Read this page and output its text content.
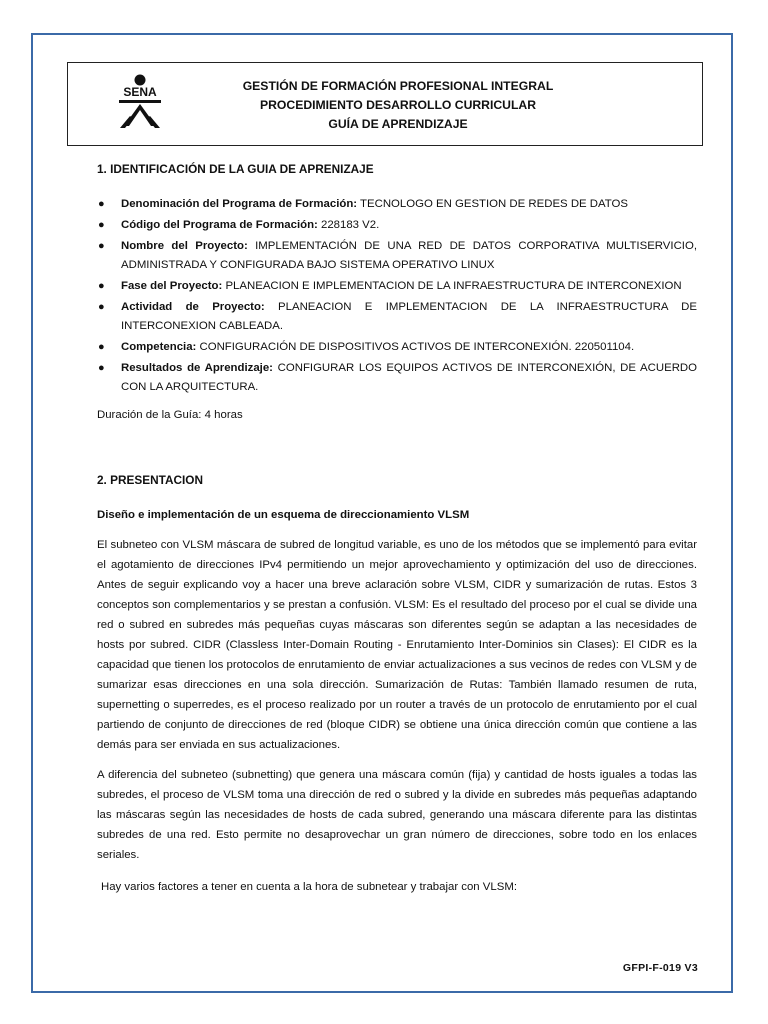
SENA	GESTIÓN DE FORMACIÓN PROFESIONAL INTEGRAL
PROCEDIMIENTO DESARROLLO CURRICULAR
GUÍA DE APRENDIZAJE

1. IDENTIFICACIÓN DE LA GUIA DE APRENIZAJE

● Denominación del Programa de Formación: TECNOLOGO EN GESTION DE REDES DE DATOS
● Código del Programa de Formación: 228183 V2.
● Nombre del Proyecto: IMPLEMENTACIÓN DE UNA RED DE DATOS CORPORATIVA MULTISERVICIO, ADMINISTRADA Y CONFIGURADA BAJO SISTEMA OPERATIVO LINUX
● Fase del Proyecto: PLANEACION E IMPLEMENTACION DE LA INFRAESTRUCTURA DE INTERCONEXION
● Actividad de Proyecto: PLANEACION E IMPLEMENTACION DE LA INFRAESTRUCTURA DE INTERCONEXION CABLEADA.
● Competencia: CONFIGURACIÓN DE DISPOSITIVOS ACTIVOS DE INTERCONEXIÓN. 220501104.
● Resultados de Aprendizaje: CONFIGURAR LOS EQUIPOS ACTIVOS DE INTERCONEXIÓN, DE ACUERDO CON LA ARQUITECTURA.
Duración de la Guía: 4 horas

2. PRESENTACION

Diseño e implementación de un esquema de direccionamiento VLSM

El subneteo con VLSM máscara de subred de longitud variable, es uno de los métodos que se implementó para evitar el agotamiento de direcciones IPv4 permitiendo un mejor aprovechamiento y optimización del uso de direcciones. Antes de seguir explicando voy a hacer una breve aclaración sobre VLSM, CIDR y sumarización de rutas. Estos 3 conceptos son complementarios y se prestan a confusión. VLSM: Es el resultado del proceso por el cual se divide una red o subred en subredes más pequeñas cuyas máscaras son diferentes según se adaptan a las necesidades de hosts por subred. CIDR (Classless Inter-Domain Routing - Enrutamiento Inter-Dominios sin Clases): El CIDR es la capacidad que tienen los protocolos de enrutamiento de enviar actualizaciones a sus vecinos de redes con VLSM y de sumarizar esas direcciones en una sola dirección. Sumarización de Rutas: También llamado resumen de ruta, supernetting o superredes, es el proceso realizado por un router a través de un protocolo de enrutamiento por el cual partiendo de conjunto de direcciones de red (bloque CIDR) se obtiene una única dirección común que contiene a las demás para ser enviada en sus actualizaciones.

A diferencia del subneteo (subnetting) que genera una máscara común (fija) y cantidad de hosts iguales a todas las subredes, el proceso de VLSM toma una dirección de red o subred y la divide en subredes más pequeñas adaptando las máscaras según las necesidades de hosts de cada subred, generando una máscara diferente para las distintas subredes de una red. Esto permite no desaprovechar un gran número de direcciones, sobre todo en los enlaces seriales.

Hay varios factores a tener en cuenta a la hora de subnetear y trabajar con VLSM:

GFPI-F-019 V3
